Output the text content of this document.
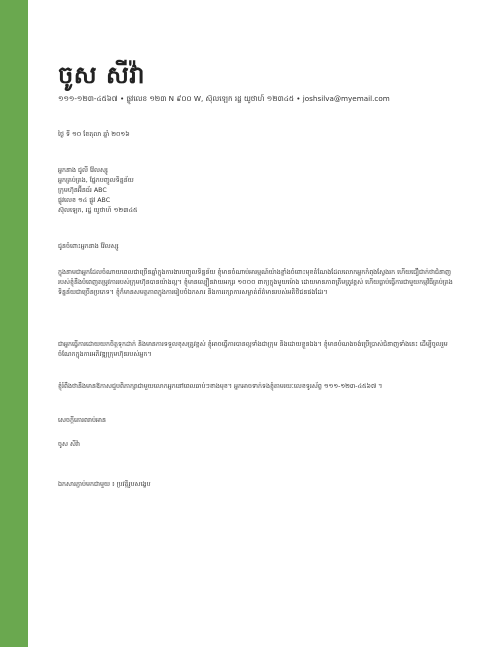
ចូស សីវ៉ា
១១១-១២៣-៤៥៦៧ • ផ្លូវលេខ ១២៣ N ៩០០ W, ស៊ុលឡេក រដ្ឋ យូថាហ៍ ១២៣៤៥ • joshsilva@myemail.com
ថ្ងៃ ទី ១០ ខែតុលា ឆ្នាំ ២០១៦
អ្នកនាង ជូលី វ៉ែលស្សូ
អ្នកគ្រប់គ្រង, ផ្នែកបញ្ចូលទិន្នន័យ
ក្រុមហ៊ុនអ៊ីនធ័រ ABC
ផ្លូវលេខ ១៤ ផ្លូវ ABC
ស៊ុលឡេក, រដ្ឋ យូថាហ៍ ១២៣៤៥
ជូនចំពោះអ្នកនាង វ៉ែលស្សូ
ក្នុងនាមជាអ្នកដែលចំណាយពេលជាច្រើនឆ្នាំក្នុងការងារបញ្ចូលទិន្នន័យ ខ្ញុំមានចំណាប់អារម្មណ៍យ៉ាងខ្លាំងចំពោះមុខតំណែងដែលលោកអ្នកកំពុងស្វែងរក ហើយជឿជាក់ថាជំនាញរបស់ខ្ញុំនឹងបំពេញតម្រូវការរបស់ក្រុមហ៊ុនបានយ៉ាងល្អ។ ខ្ញុំមានល្បឿនវាយអក្សរ ១០០០ ពាក្យក្នុងមួយម៉ោង ដោយមានភាពត្រឹមត្រូវខ្ពស់ ហើយធ្លាប់ធ្វើការជាមួយកម្មវិធីគ្រប់គ្រងទិន្នន័យជាច្រើនប្រភេទ។ ខ្ញុំក៏មានសមត្ថភាពក្នុងការរៀបចំឯកសារ និងការរក្សាការសម្ងាត់ព័ត៌មានរបស់អតិថិជនផងដែរ។
ជាអ្នកធ្វើការដោយយកចិត្តទុកដាក់ និងមានការទទួលខុសត្រូវខ្ពស់ ខ្ញុំអាចធ្វើការបានល្អទាំងជាក្រុម និងដោយខ្លួនឯង។ ខ្ញុំមានបំណងចង់ប្រើប្រាស់ជំនាញទាំងនេះ ដើម្បីចូលរួមចំណែកក្នុងការអភិវឌ្ឍក្រុមហ៊ុនរបស់អ្នក។
ខ្ញុំរំពឹងថានឹងមានឱកាសជួបពិភាក្សាជាមួយលោកអ្នកនៅពេលឆាប់ៗខាងមុខ។ អ្នកអាចទាក់ទងខ្ញុំតាមរយៈលេខទូរស័ព្ទ ១១១-១២៣-៤៥៦៧ ។
សេចក្តីគោរពរាប់អាន
ចូស សីវ៉ា
ឯកសារភ្ជាប់មកជាមួយ ៖ ប្រវត្តិរូបសង្ខេប
